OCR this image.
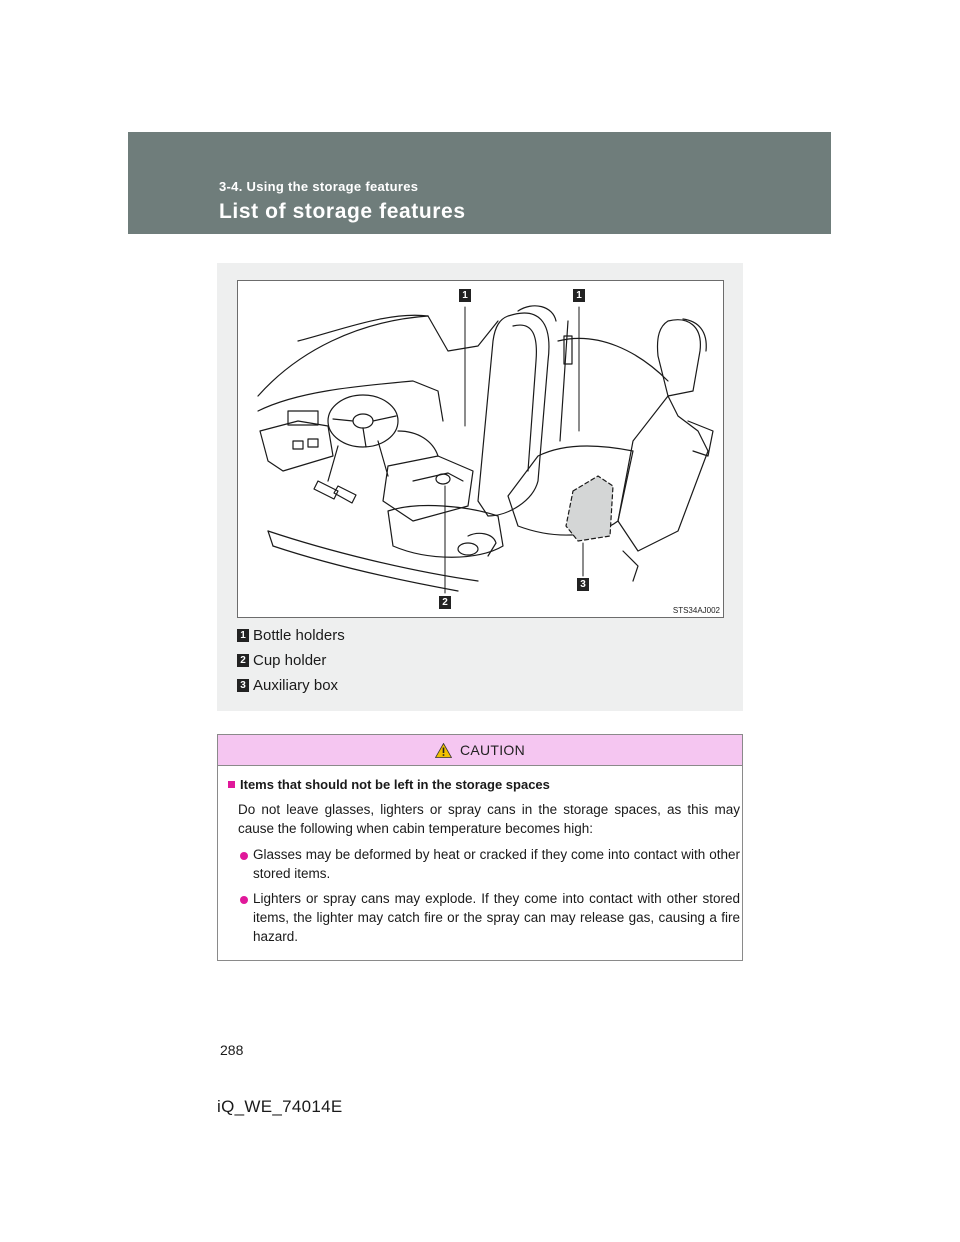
3-4. Using the storage features
List of storage features
1	1
2
3
STS34AJ002
1 Bottle holders
2 Cup holder
3 Auxiliary box
CAUTION
Items that should not be left in the storage spaces
Do not leave glasses, lighters or spray cans in the storage spaces, as this may cause the following when cabin temperature becomes high:
Glasses may be deformed by heat or cracked if they come into contact with other stored items.
Lighters or spray cans may explode. If they come into contact with other stored items, the lighter may catch fire or the spray can may release gas, causing a fire hazard.
288
iQ_WE_74014E
